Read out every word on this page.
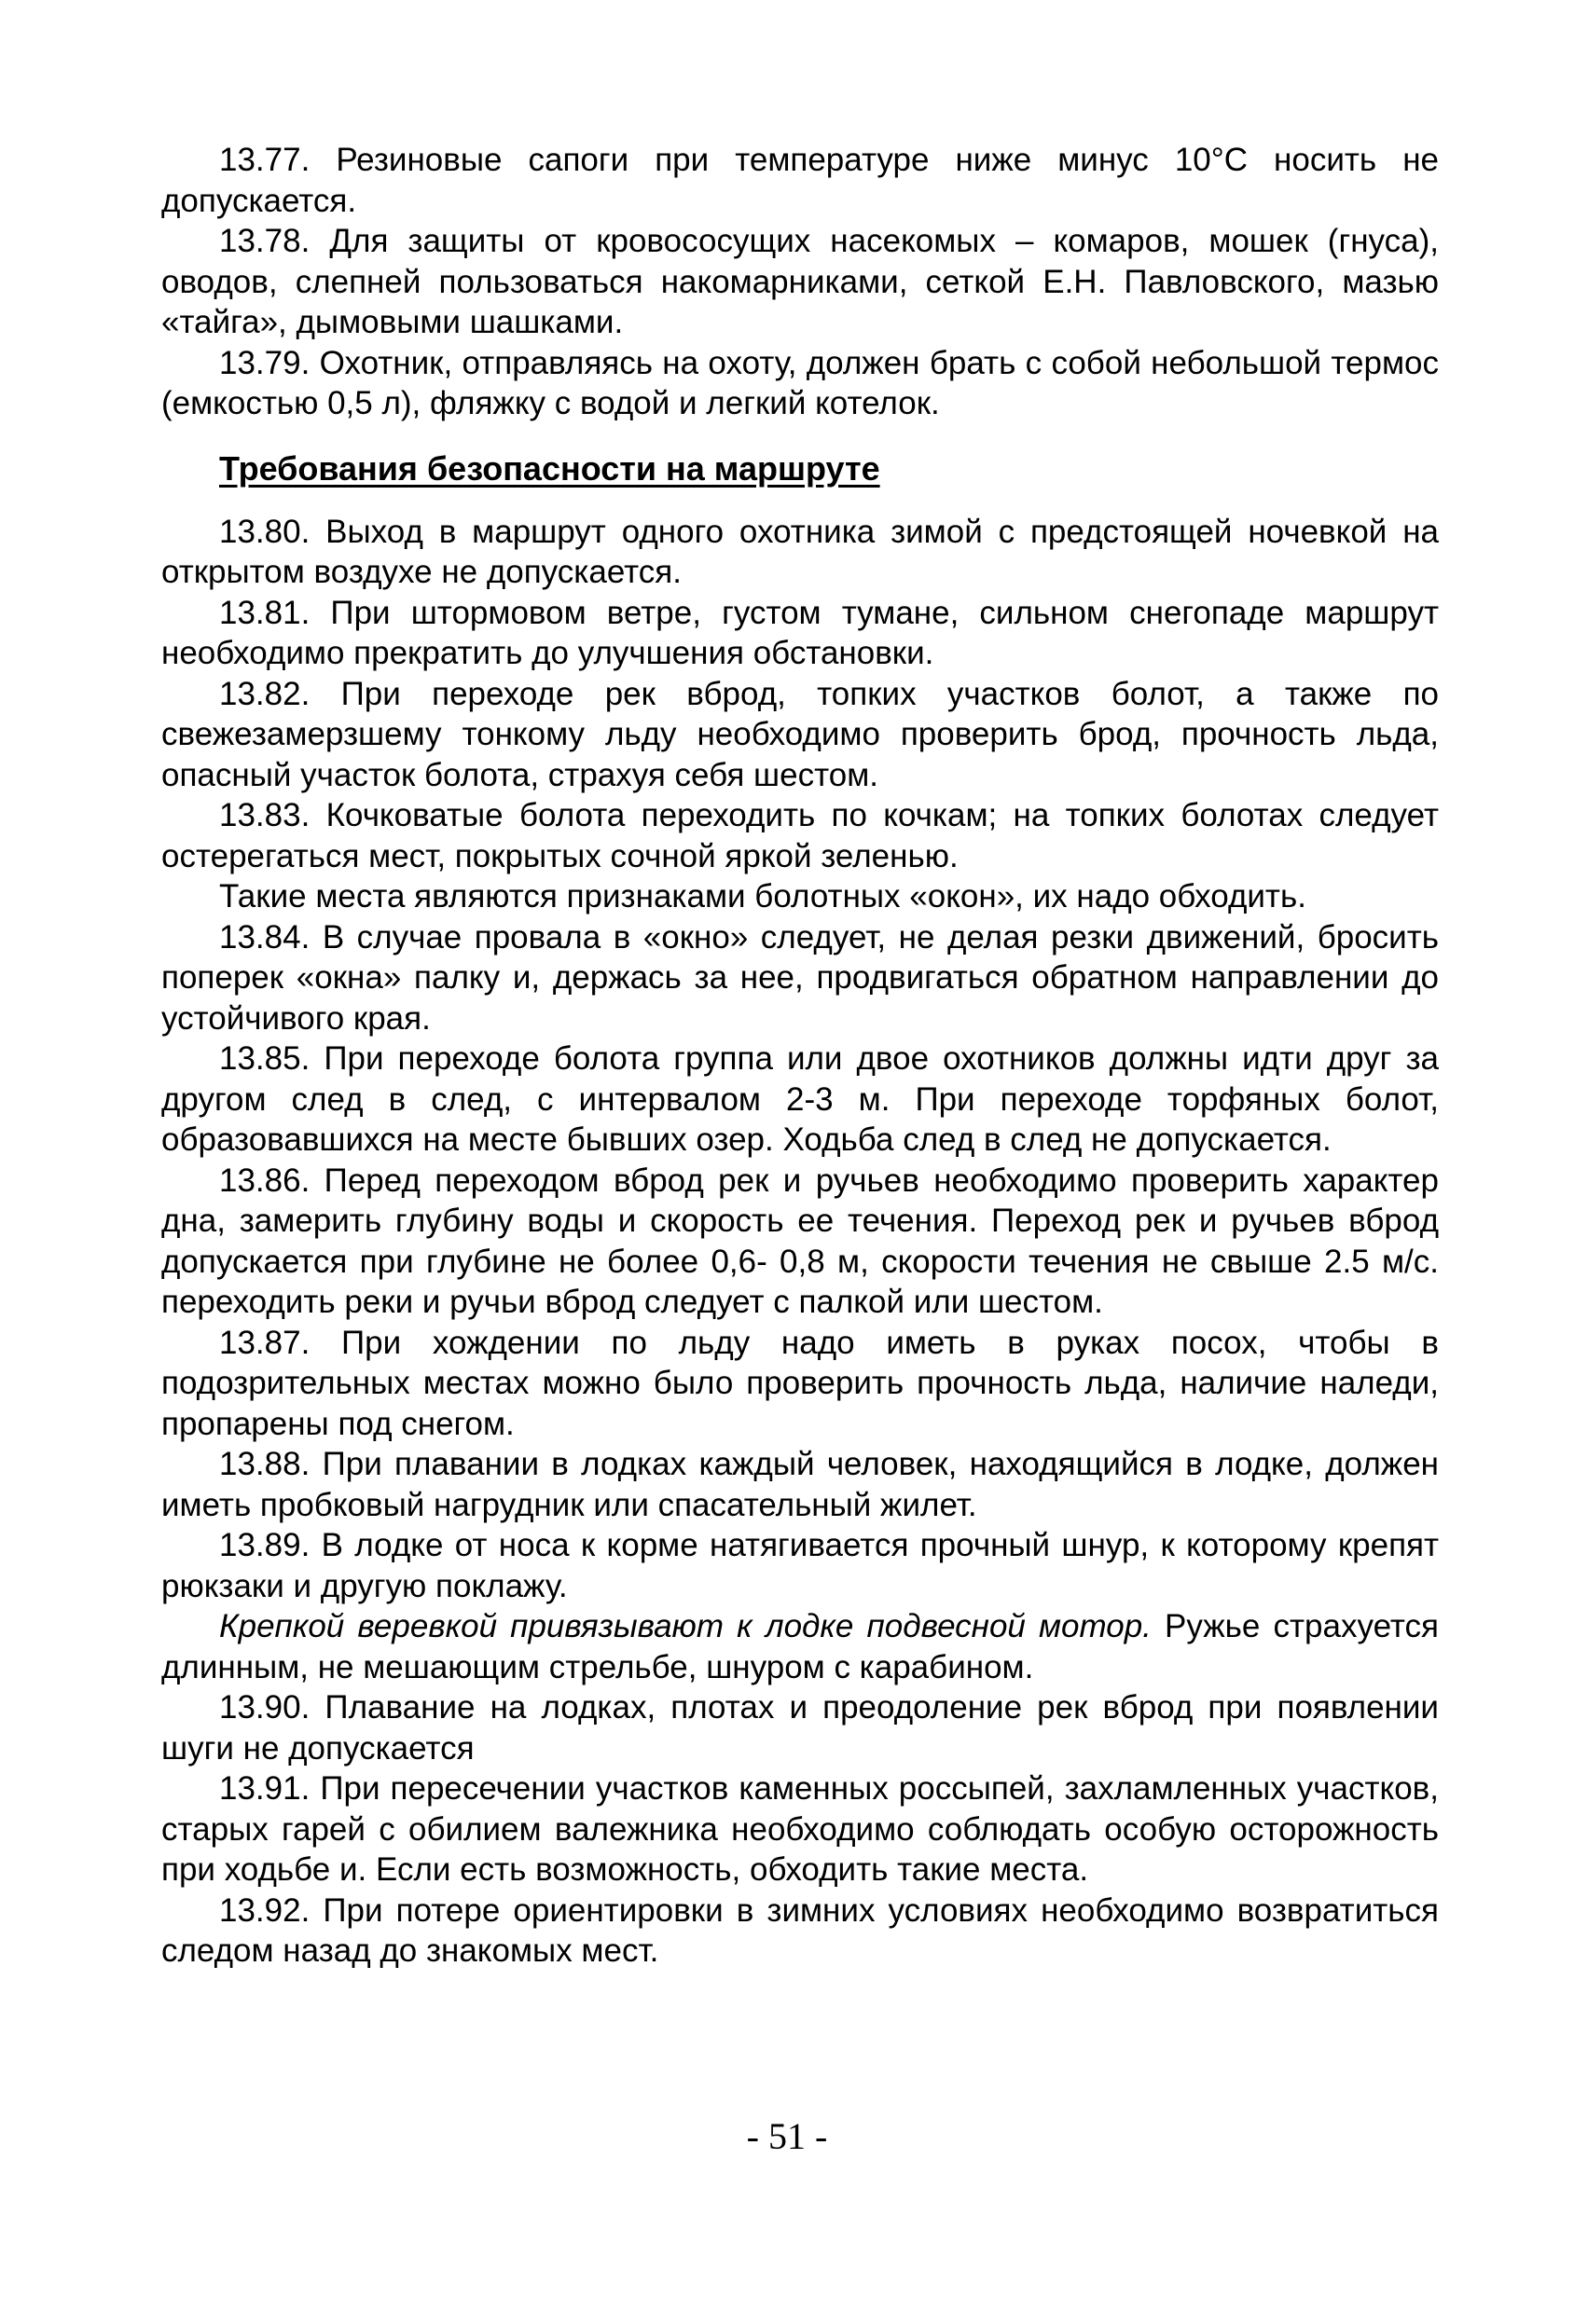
13.77. Резиновые сапоги при температуре ниже минус 10°С носить не допускается.

13.78. Для защиты от кровососущих насекомых – комаров, мошек (гнуса), оводов, слепней пользоваться накомарниками, сеткой Е.Н. Павловского, мазью «тайга», дымовыми шашками.

13.79. Охотник, отправляясь на охоту, должен брать с собой небольшой термос (емкостью 0,5 л), фляжку с водой и легкий котелок.

Требования безопасности на маршруте

13.80. Выход в маршрут одного охотника зимой с предстоящей ночевкой на открытом воздухе не допускается.

13.81. При штормовом ветре, густом тумане, сильном снегопаде маршрут необходимо прекратить до улучшения обстановки.

13.82. При переходе рек вброд, топких участков болот, а также по свежезамерзшему тонкому льду необходимо проверить брод, прочность льда, опасный участок болота, страхуя себя шестом.

13.83. Кочковатые болота переходить по кочкам; на топких болотах следует остерегаться мест, покрытых сочной яркой зеленью.

Такие места являются признаками болотных «окон», их надо обходить.

13.84. В случае провала в «окно» следует, не делая резки движений, бросить поперек «окна» палку и, держась за нее, продвигаться обратном направлении до устойчивого края.

13.85. При переходе болота группа или двое охотников должны идти друг за другом след в след, с интервалом 2-3 м. При переходе торфяных болот, образовавшихся на месте бывших озер. Ходьба след в след не допускается.

13.86. Перед переходом вброд рек и ручьев необходимо проверить характер дна, замерить глубину воды и скорость ее течения. Переход рек и ручьев вброд допускается при глубине не более 0,6- 0,8 м, скорости течения не свыше 2.5 м/с. переходить реки и ручьи вброд следует с палкой или шестом.

13.87. При хождении по льду надо иметь в руках посох, чтобы в подозрительных местах можно было проверить прочность льда, наличие наледи, пропарены под снегом.

13.88. При плавании в лодках каждый человек, находящийся в лодке, должен иметь пробковый нагрудник или спасательный жилет.

13.89. В лодке от носа к корме натягивается прочный шнур, к которому крепят рюкзаки и другую поклажу.

Крепкой веревкой привязывают к лодке подвесной мотор. Ружье страхуется длинным, не мешающим стрельбе, шнуром с карабином.

13.90. Плавание на лодках, плотах и преодоление рек вброд при появлении шуги не допускается

13.91. При пересечении участков каменных россыпей, захламленных участков, старых гарей с обилием валежника необходимо соблюдать особую осторожность при ходьбе и. Если есть возможность, обходить такие места.

13.92. При потере ориентировки в зимних условиях необходимо возвратиться следом назад до знакомых мест.

- 51 -
